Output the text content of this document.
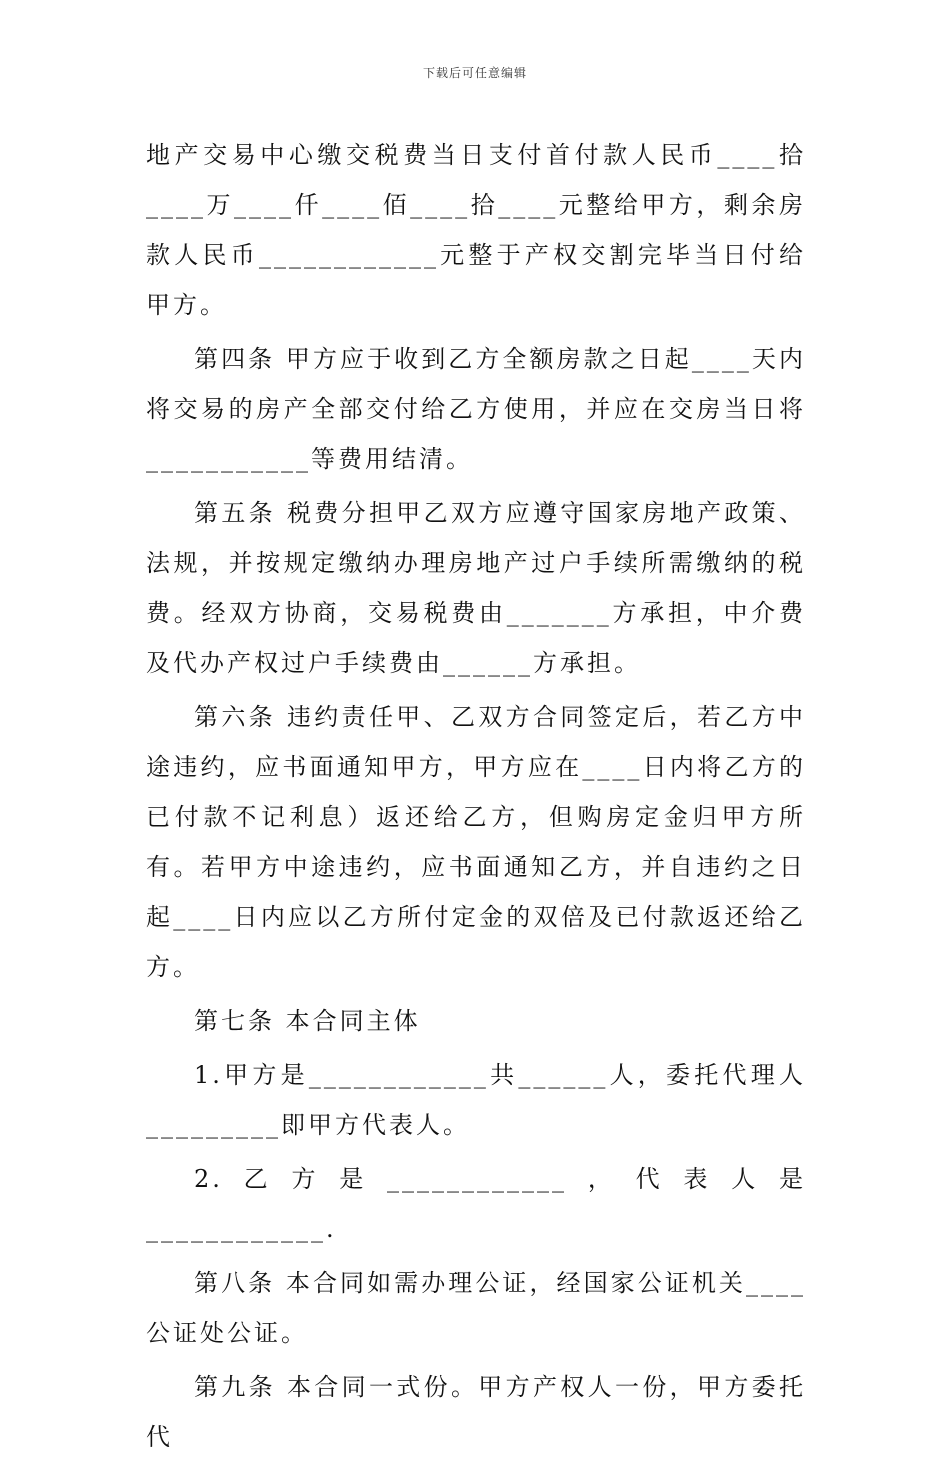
下载后可任意编辑

地产交易中心缴交税费当日支付首付款人民币____拾____万____仟____佰____拾____元整给甲方，剩余房款人民币____________元整于产权交割完毕当日付给甲方。

第四条 甲方应于收到乙方全额房款之日起____天内将交易的房产全部交付给乙方使用，并应在交房当日将___________等费用结清。

第五条 税费分担甲乙双方应遵守国家房地产政策、法规，并按规定缴纳办理房地产过户手续所需缴纳的税费。经双方协商，交易税费由_______方承担，中介费及代办产权过户手续费由______方承担。

第六条 违约责任甲、乙双方合同签定后，若乙方中途违约，应书面通知甲方，甲方应在____日内将乙方的已付款不记利息）返还给乙方，但购房定金归甲方所有。若甲方中途违约，应书面通知乙方，并自违约之日起____日内应以乙方所付定金的双倍及已付款返还给乙方。

第七条 本合同主体

1.甲方是____________共______人，委托代理人_________即甲方代表人。

2.乙方是____________，代表人是____________.

第八条 本合同如需办理公证，经国家公证机关____公证处公证。

第九条 本合同一式份。甲方产权人一份，甲方委托代
